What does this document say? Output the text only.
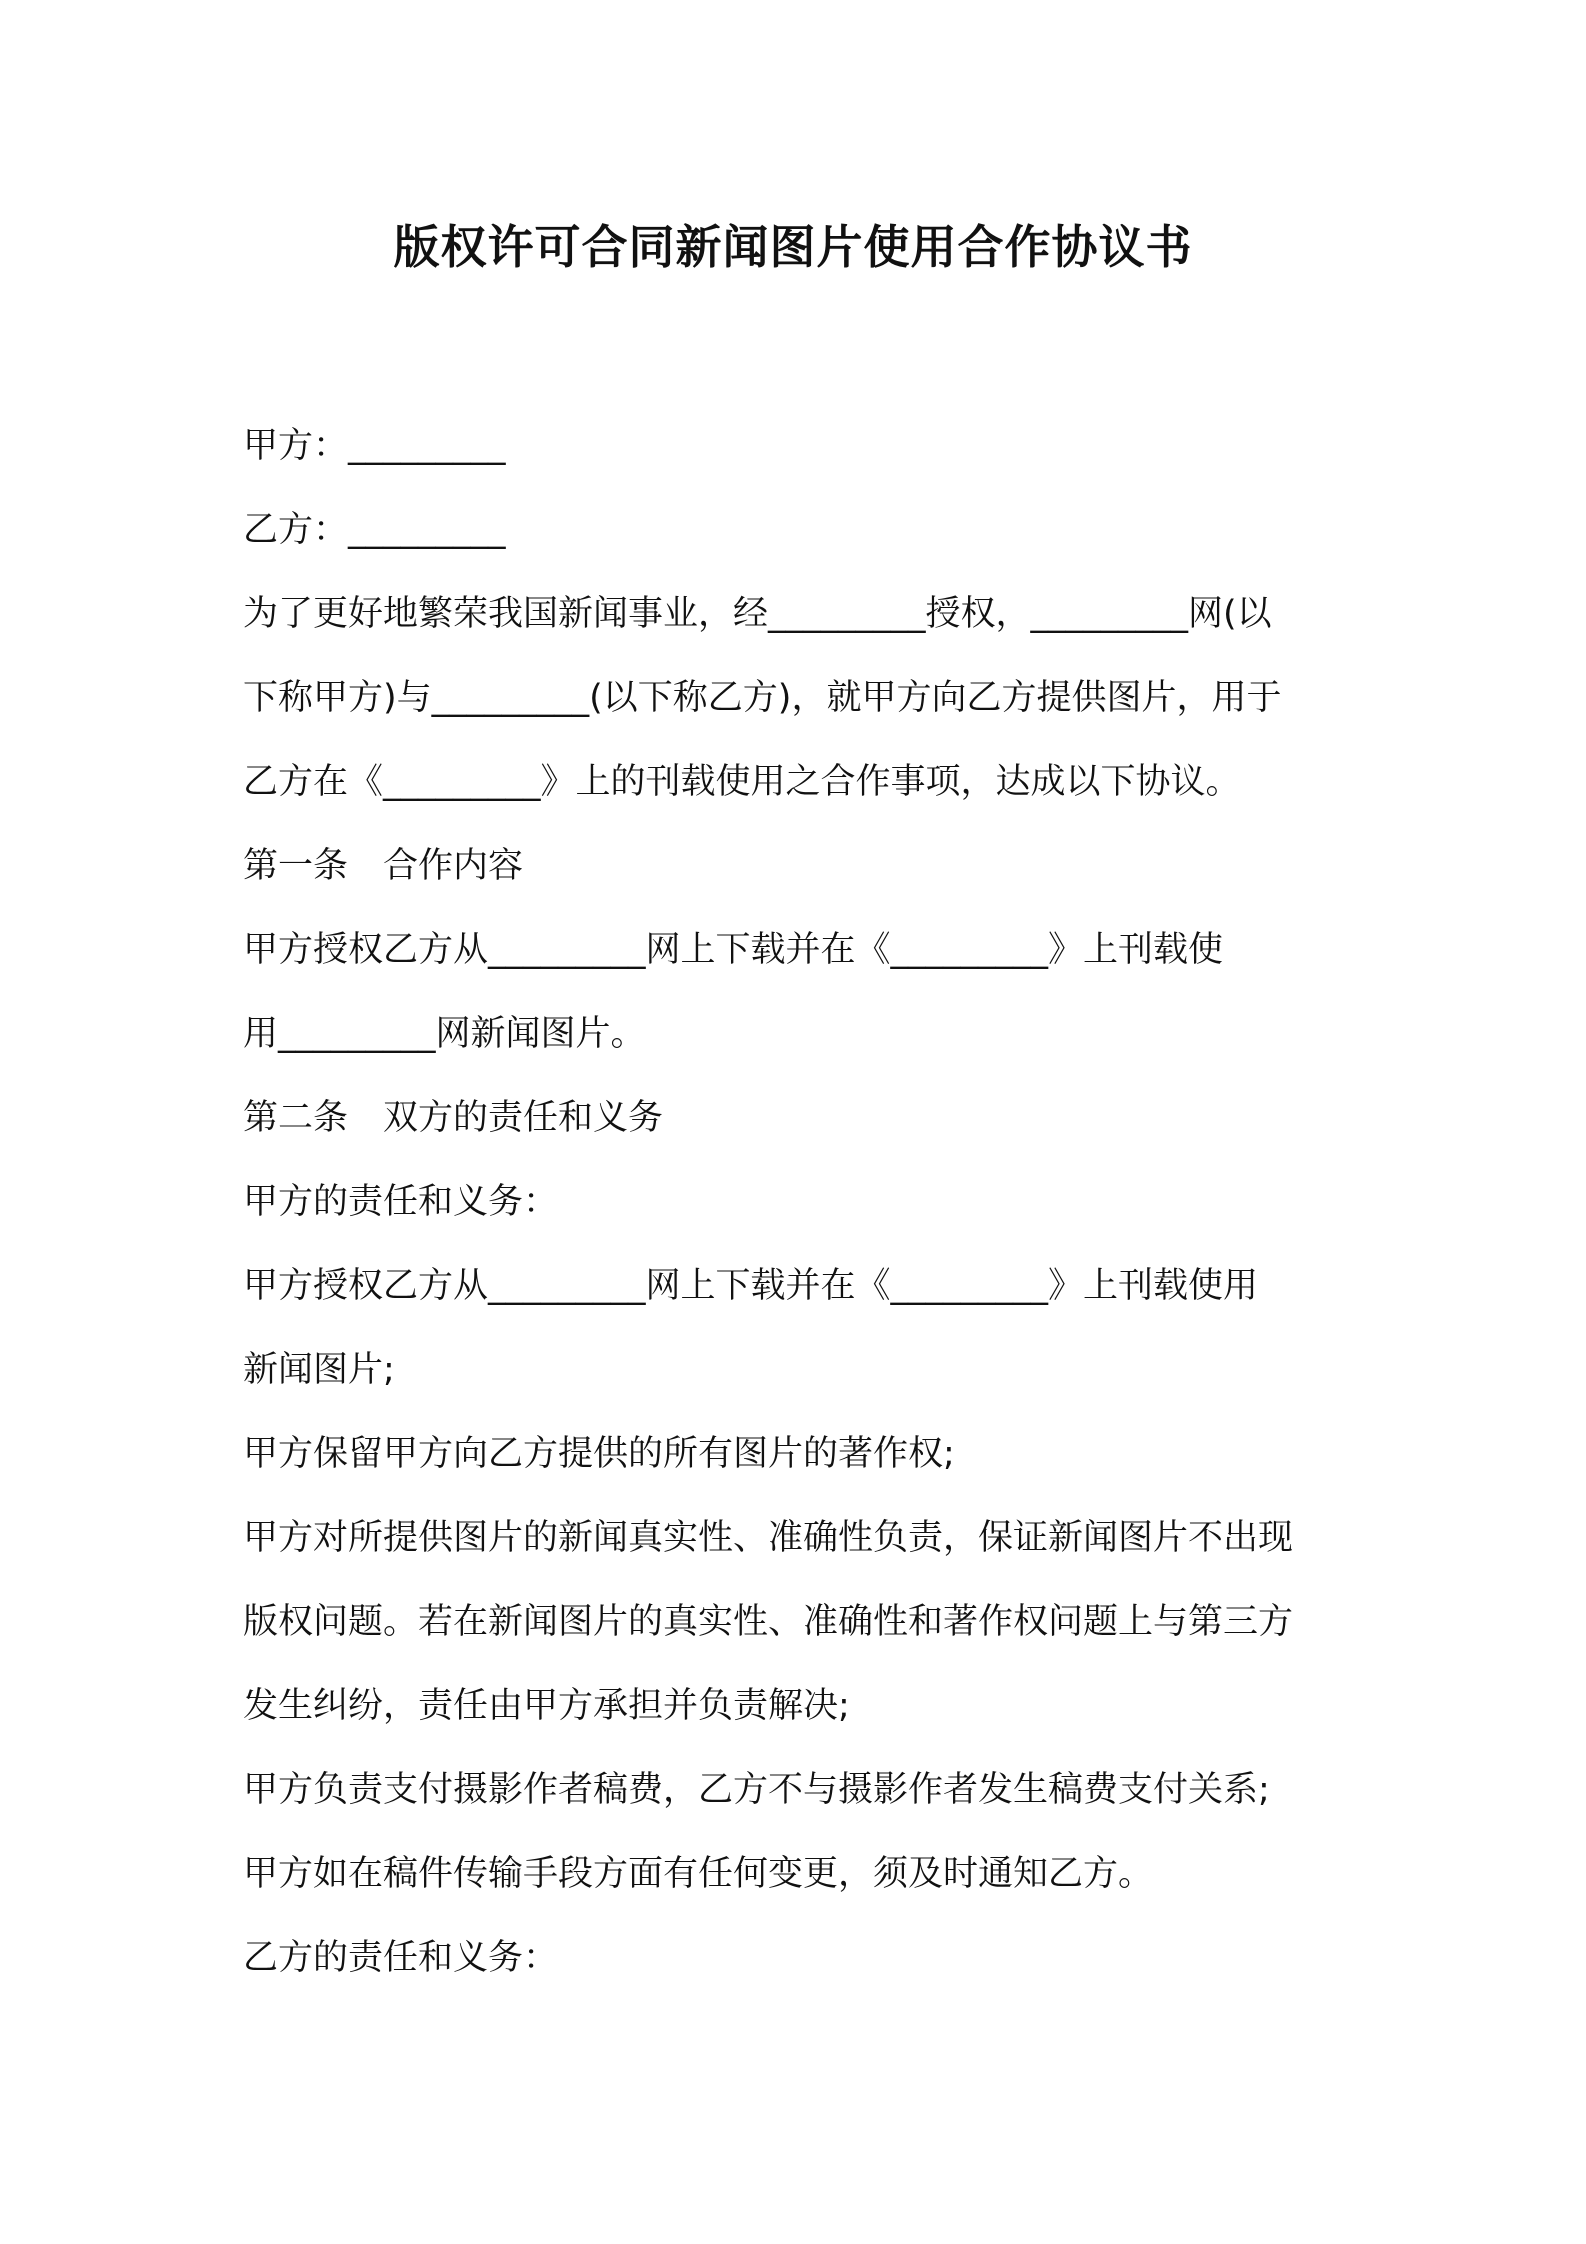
版权许可合同新闻图片使用合作协议书
甲方：_________
乙方：_________
为了更好地繁荣我国新闻事业，经_________授权，_________网(以
下称甲方)与_________(以下称乙方)，就甲方向乙方提供图片，用于
乙方在《_________》上的刊载使用之合作事项，达成以下协议。
第一条　合作内容
甲方授权乙方从_________网上下载并在《_________》上刊载使
用_________网新闻图片。
第二条　双方的责任和义务
甲方的责任和义务：
甲方授权乙方从_________网上下载并在《_________》上刊载使用
新闻图片;
甲方保留甲方向乙方提供的所有图片的著作权;
甲方对所提供图片的新闻真实性、准确性负责，保证新闻图片不出现
版权问题。若在新闻图片的真实性、准确性和著作权问题上与第三方
发生纠纷，责任由甲方承担并负责解决;
甲方负责支付摄影作者稿费，乙方不与摄影作者发生稿费支付关系;
甲方如在稿件传输手段方面有任何变更，须及时通知乙方。
乙方的责任和义务：
